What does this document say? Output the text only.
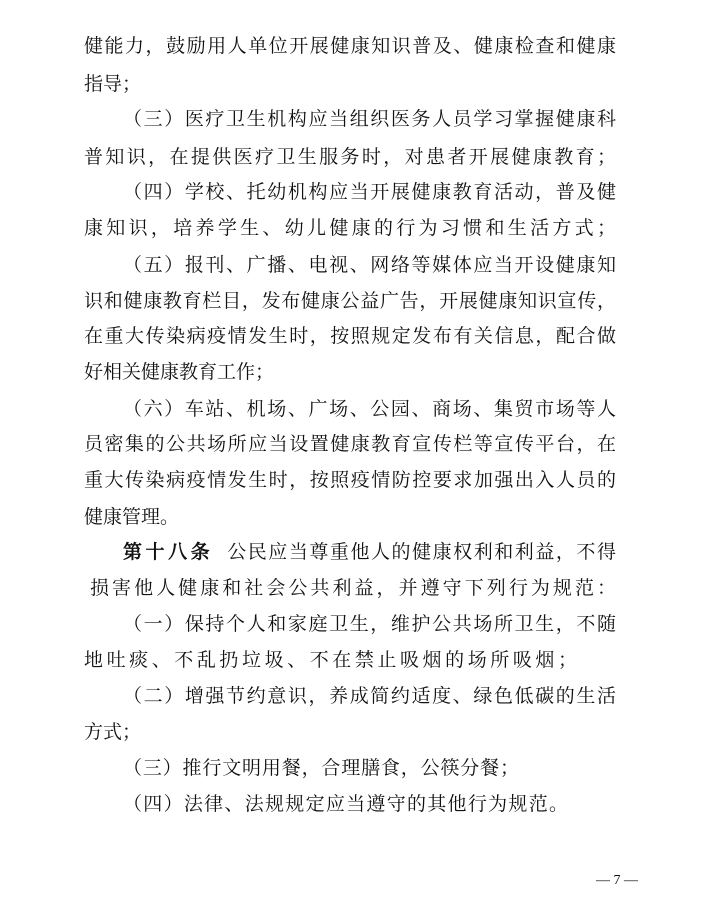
健能力，鼓励用人单位开展健康知识普及、健康检查和健康
指导；
（三）医疗卫生机构应当组织医务人员学习掌握健康科
普知识，在提供医疗卫生服务时，对患者开展健康教育；
（四）学校、托幼机构应当开展健康教育活动，普及健
康知识，培养学生、幼儿健康的行为习惯和生活方式；
（五）报刊、广播、电视、网络等媒体应当开设健康知
识和健康教育栏目，发布健康公益广告，开展健康知识宣传，
在重大传染病疫情发生时，按照规定发布有关信息，配合做
好相关健康教育工作；
（六）车站、机场、广场、公园、商场、集贸市场等人
员密集的公共场所应当设置健康教育宣传栏等宣传平台，在
重大传染病疫情发生时，按照疫情防控要求加强出入人员的
健康管理。
第十八条 公民应当尊重他人的健康权利和利益，不得
损害他人健康和社会公共利益，并遵守下列行为规范：
（一）保持个人和家庭卫生，维护公共场所卫生，不随
地吐痰、不乱扔垃圾、不在禁止吸烟的场所吸烟；
（二）增强节约意识，养成简约适度、绿色低碳的生活
方式；
（三）推行文明用餐，合理膳食，公筷分餐；
（四）法律、法规规定应当遵守的其他行为规范。
— 7 —
